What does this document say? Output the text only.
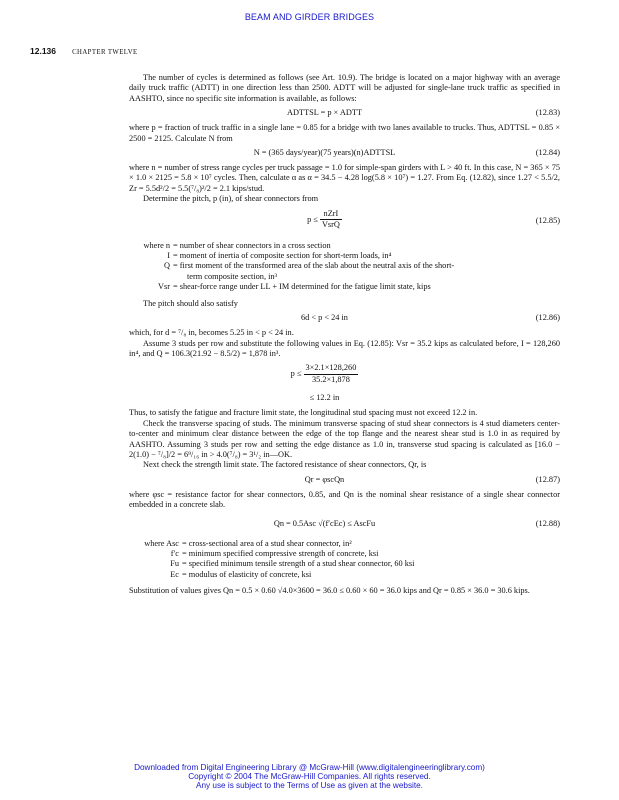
BEAM AND GIRDER BRIDGES
12.136 CHAPTER TWELVE

The number of cycles is determined as follows (see Art. 10.9). The bridge is located on a major highway with an average daily truck traffic (ADTT) in one direction less than 2500. ADTT will be adjusted for single-lane truck traffic as specified in AASHTO, since no specific site information is available, as follows:

ADTTSL = p × ADTT	(12.83)

where p = fraction of truck traffic in a single lane = 0.85 for a bridge with two lanes available to trucks. Thus, ADTTSL = 0.85 × 2500 = 2125. Calculate N from

N = (365 days/year)(75 years)(n)ADTTSL	(12.84)

where n = number of stress range cycles per truck passage = 1.0 for simple-span girders with L > 40 ft. In this case, N = 365 × 75 × 1.0 × 2125 = 5.8 × 10⁷ cycles. Then, calculate α as α = 34.5 − 4.28 log(5.8 × 10⁷) = 1.27. From Eq. (12.82), since 1.27 < 5.5/2, Zr = 5.5d²/2 = 5.5(⁷/₈)²/2 = 2.1 kips/stud.

Determine the pitch, p (in), of shear connectors from

p ≤
nZrI
VsrQ	(12.85)
where n = number of shear connectors in a cross section
I = moment of inertia of composite section for short-term loads, in⁴
Q = first moment of the transformed area of the slab about the neutral axis of the short-
term composite section, in³
Vsr = shear-force range under LL + IM determined for the fatigue limit state, kips

The pitch should also satisfy

6d < p < 24 in	(12.86)

which, for d = ⁷/₈ in, becomes 5.25 in < p < 24 in.

Assume 3 studs per row and substitute the following values in Eq. (12.85): Vsr = 35.2 kips as calculated before, I = 128,260 in⁴, and Q = 106.3(21.92 − 8.5/2) = 1,878 in³.

$p \le \frac{3\times 2.1\times 128,260}{35.2\times 1,878}$
≤ 12.2 in

Thus, to satisfy the fatigue and fracture limit state, the longitudinal stud spacing must not exceed 12.2 in.

Check the transverse spacing of studs. The minimum transverse spacing of stud shear connectors is 4 stud diameters center-to-center and minimum clear distance between the edge of the top flange and the nearest shear stud is 1.0 in as required by AASHTO. Assuming 3 studs per row and setting the edge distance as 1.0 in, transverse stud spacing is calculated as [16.0 − 2(1.0) − ⁷/₈]/2 = 6⁹/₁₆ in > 4.0(⁷/₈) = 3¹/₂ in—OK.

Next check the strength limit state. The factored resistance of shear connectors, Qr, is

Qr = φscQn	(12.87)

where φsc = resistance factor for shear connectors, 0.85, and Qn is the nominal shear resistance of a single shear connector embedded in a concrete slab.

Qn = 0.5Asc √(f′cEc) ≤ AscFu	(12.88)
where Asc = cross-sectional area of a stud shear connector, in²
f′c = minimum specified compressive strength of concrete, ksi
Fu = specified minimum tensile strength of a stud shear connector, 60 ksi
Ec = modulus of elasticity of concrete, ksi

Substitution of values gives Qn = 0.5 × 0.60 √4.0×3600 = 36.0 ≤ 0.60 × 60 = 36.0 kips and Qr = 0.85 × 36.0 = 30.6 kips.

Downloaded from Digital Engineering Library @ McGraw-Hill (www.digitalengineeringlibrary.com)
Copyright © 2004 The McGraw-Hill Companies. All rights reserved.
Any use is subject to the Terms of Use as given at the website.
